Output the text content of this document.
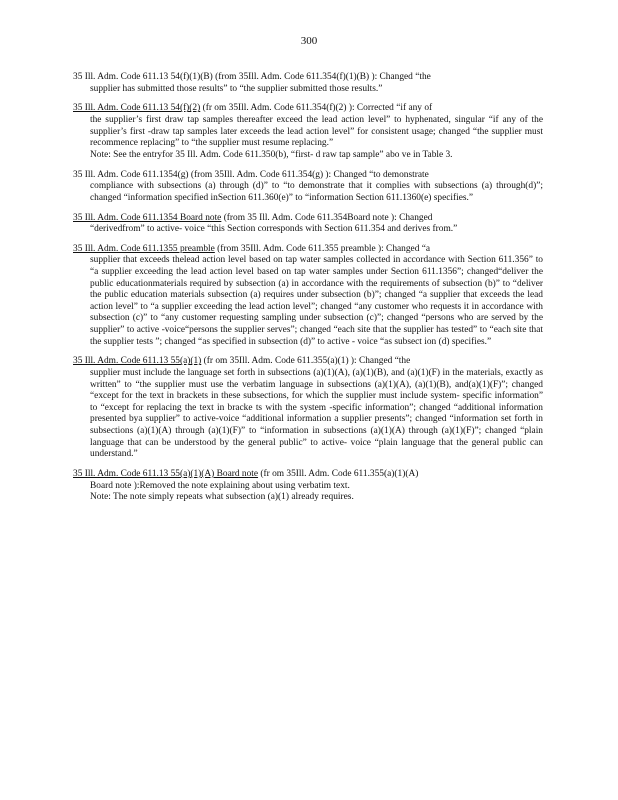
300
35 Ill. Adm. Code 611.13 54(f)(1)(B) (from 35Ill. Adm. Code 611.354(f)(1)(B) ): Changed “the
supplier has submitted those results” to “the supplier submitted those results.”
35 Ill. Adm. Code 611.13 54(f)(2) (fr om 35Ill. Adm. Code 611.354(f)(2) ): Corrected “if any of
the supplier’s first draw tap samples thereafter exceed the lead action level” to hyphenated, singular “if any of the supplier’s first -draw tap samples later exceeds the lead action level” for consistent usage; changed “the supplier must recommence replacing” to “the supplier must resume replacing.”
Note: See the entryfor 35 Ill. Adm. Code 611.350(b), “first- d raw tap sample” abo ve in Table 3.
35 Ill. Adm. Code 611.1354(g) (from 35Ill. Adm. Code 611.354(g) ): Changed “to demonstrate
compliance with subsections (a) through (d)” to “to demonstrate that it complies with subsections (a) through(d)”; changed “information specified inSection 611.360(e)” to “information Section 611.1360(e) specifies.”
35 Ill. Adm. Code 611.1354 Board note (from 35 Ill. Adm. Code 611.354Board note ): Changed
“derivedfrom” to active- voice “this Section corresponds with Section 611.354 and derives from.”
35 Ill. Adm. Code 611.1355 preamble (from 35Ill. Adm. Code 611.355 preamble ): Changed “a
supplier that exceeds thelead action level based on tap water samples collected in accordance with Section 611.356” to “a supplier exceeding the lead action level based on tap water samples under Section 611.1356”; changed“deliver the public educationmaterials required by subsection (a) in accordance with the requirements of subsection (b)” to “deliver the public education materials subsection (a) requires under subsection (b)”; changed “a supplier that exceeds the lead action level” to “a supplier exceeding the lead action level”; changed “any customer who requests it in accordance with subsection (c)” to “any customer requesting sampling under subsection (c)”; changed “persons who are served by the supplier” to active -voice“persons the supplier serves”; changed “each site that the supplier has tested” to “each site that the supplier tests ”; changed “as specified in subsection (d)” to active - voice “as subsect ion (d) specifies.”
35 Ill. Adm. Code 611.13 55(a)(1) (fr om 35Ill. Adm. Code 611.355(a)(1) ): Changed “the
supplier must include the language set forth in subsections (a)(1)(A), (a)(1)(B), and (a)(1)(F) in the materials, exactly as written” to “the supplier must use the verbatim language in subsections (a)(1)(A), (a)(1)(B), and(a)(1)(F)”; changed “except for the text in brackets in these subsections, for which the supplier must include system- specific information” to “except for replacing the text in bracke ts with the system -specific information”; changed “additional information presented bya supplier” to active-voice “additional information a supplier presents”; changed “information set forth in subsections (a)(1)(A) through (a)(1)(F)” to “information in subsections (a)(1)(A) through (a)(1)(F)”; changed “plain language that can be understood by the general public” to active- voice “plain language that the general public can understand.”
35 Ill. Adm. Code 611.13 55(a)(1)(A) Board note (fr om 35Ill. Adm. Code 611.355(a)(1)(A)
Board note ):Removed the note explaining about using verbatim text.
Note: The note simply repeats what subsection (a)(1) already requires.
